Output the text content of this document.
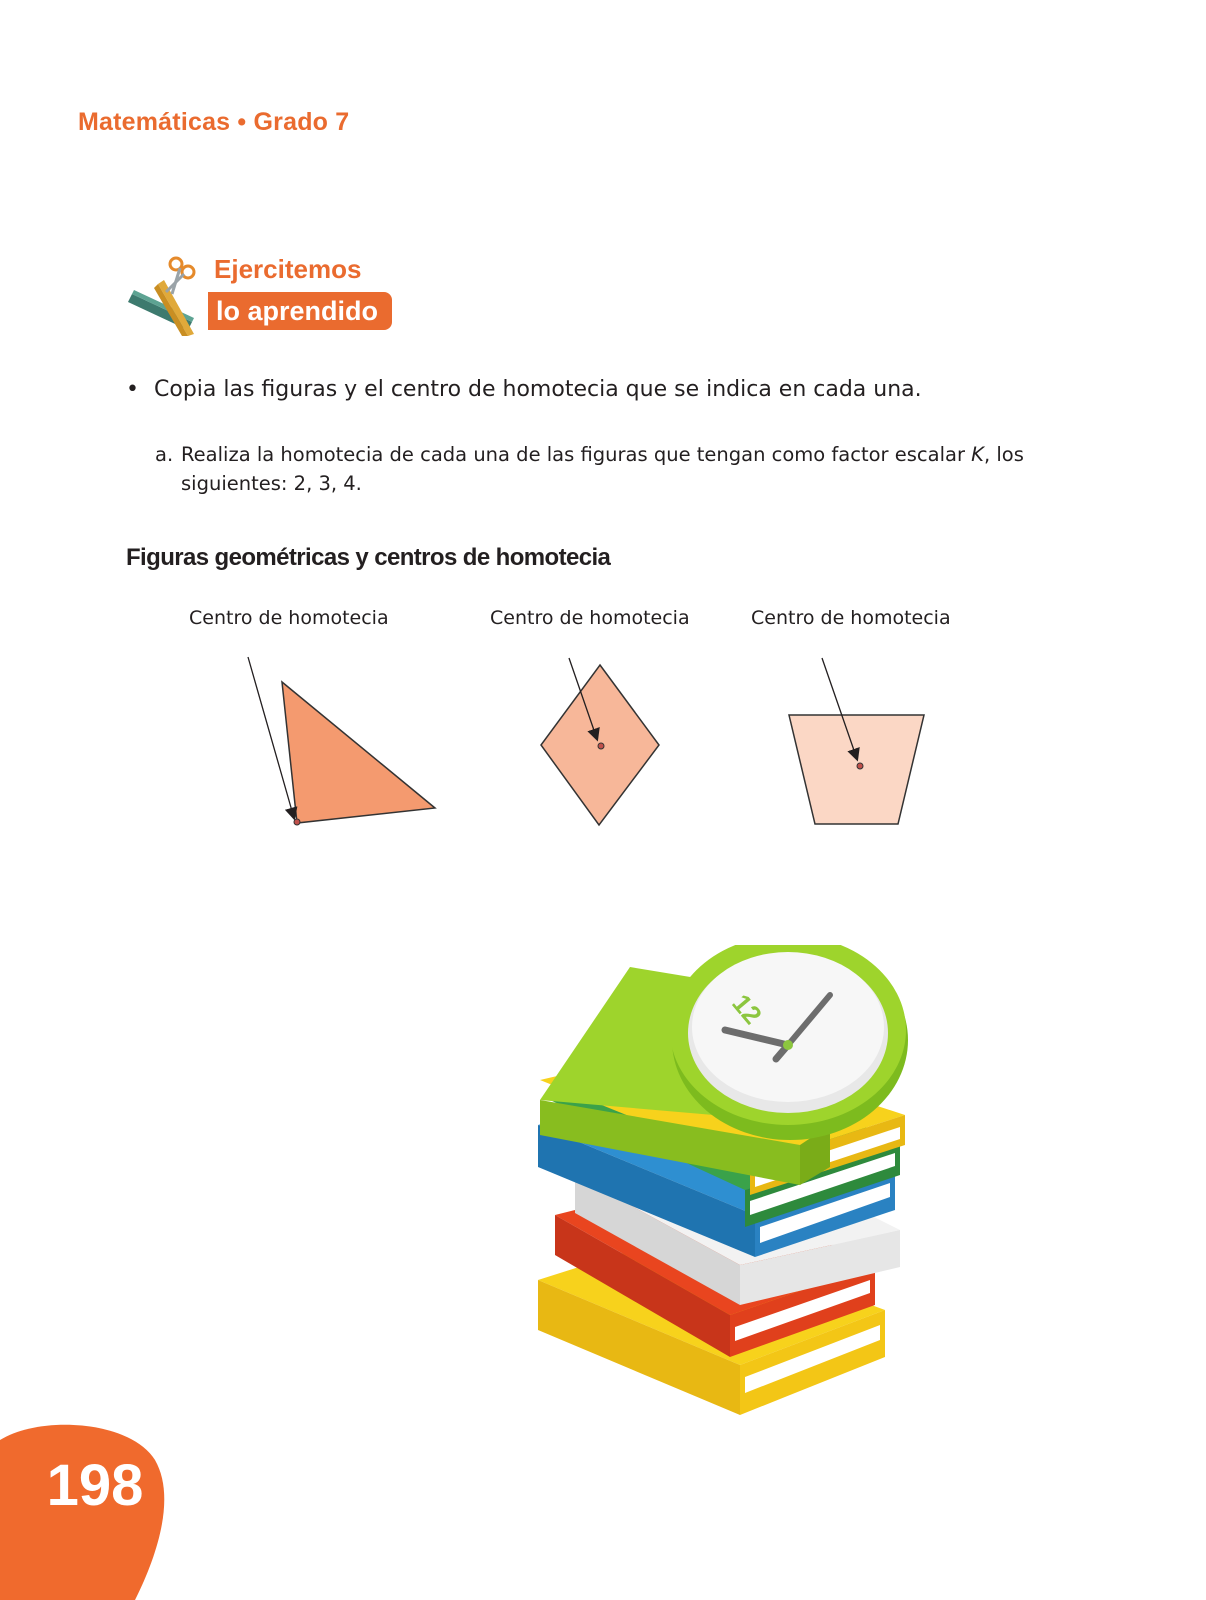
Matemáticas • Grado 7
Ejercitemos
lo aprendido
• Copia las figuras y el centro de homotecia que se indica en cada una.
a. Realiza la homotecia de cada una de las figuras que tengan como factor escalar K, los
siguientes: 2, 3, 4.
Figuras geométricas y centros de homotecia
Centro de homotecia	Centro de homotecia	Centro de homotecia
12
198
